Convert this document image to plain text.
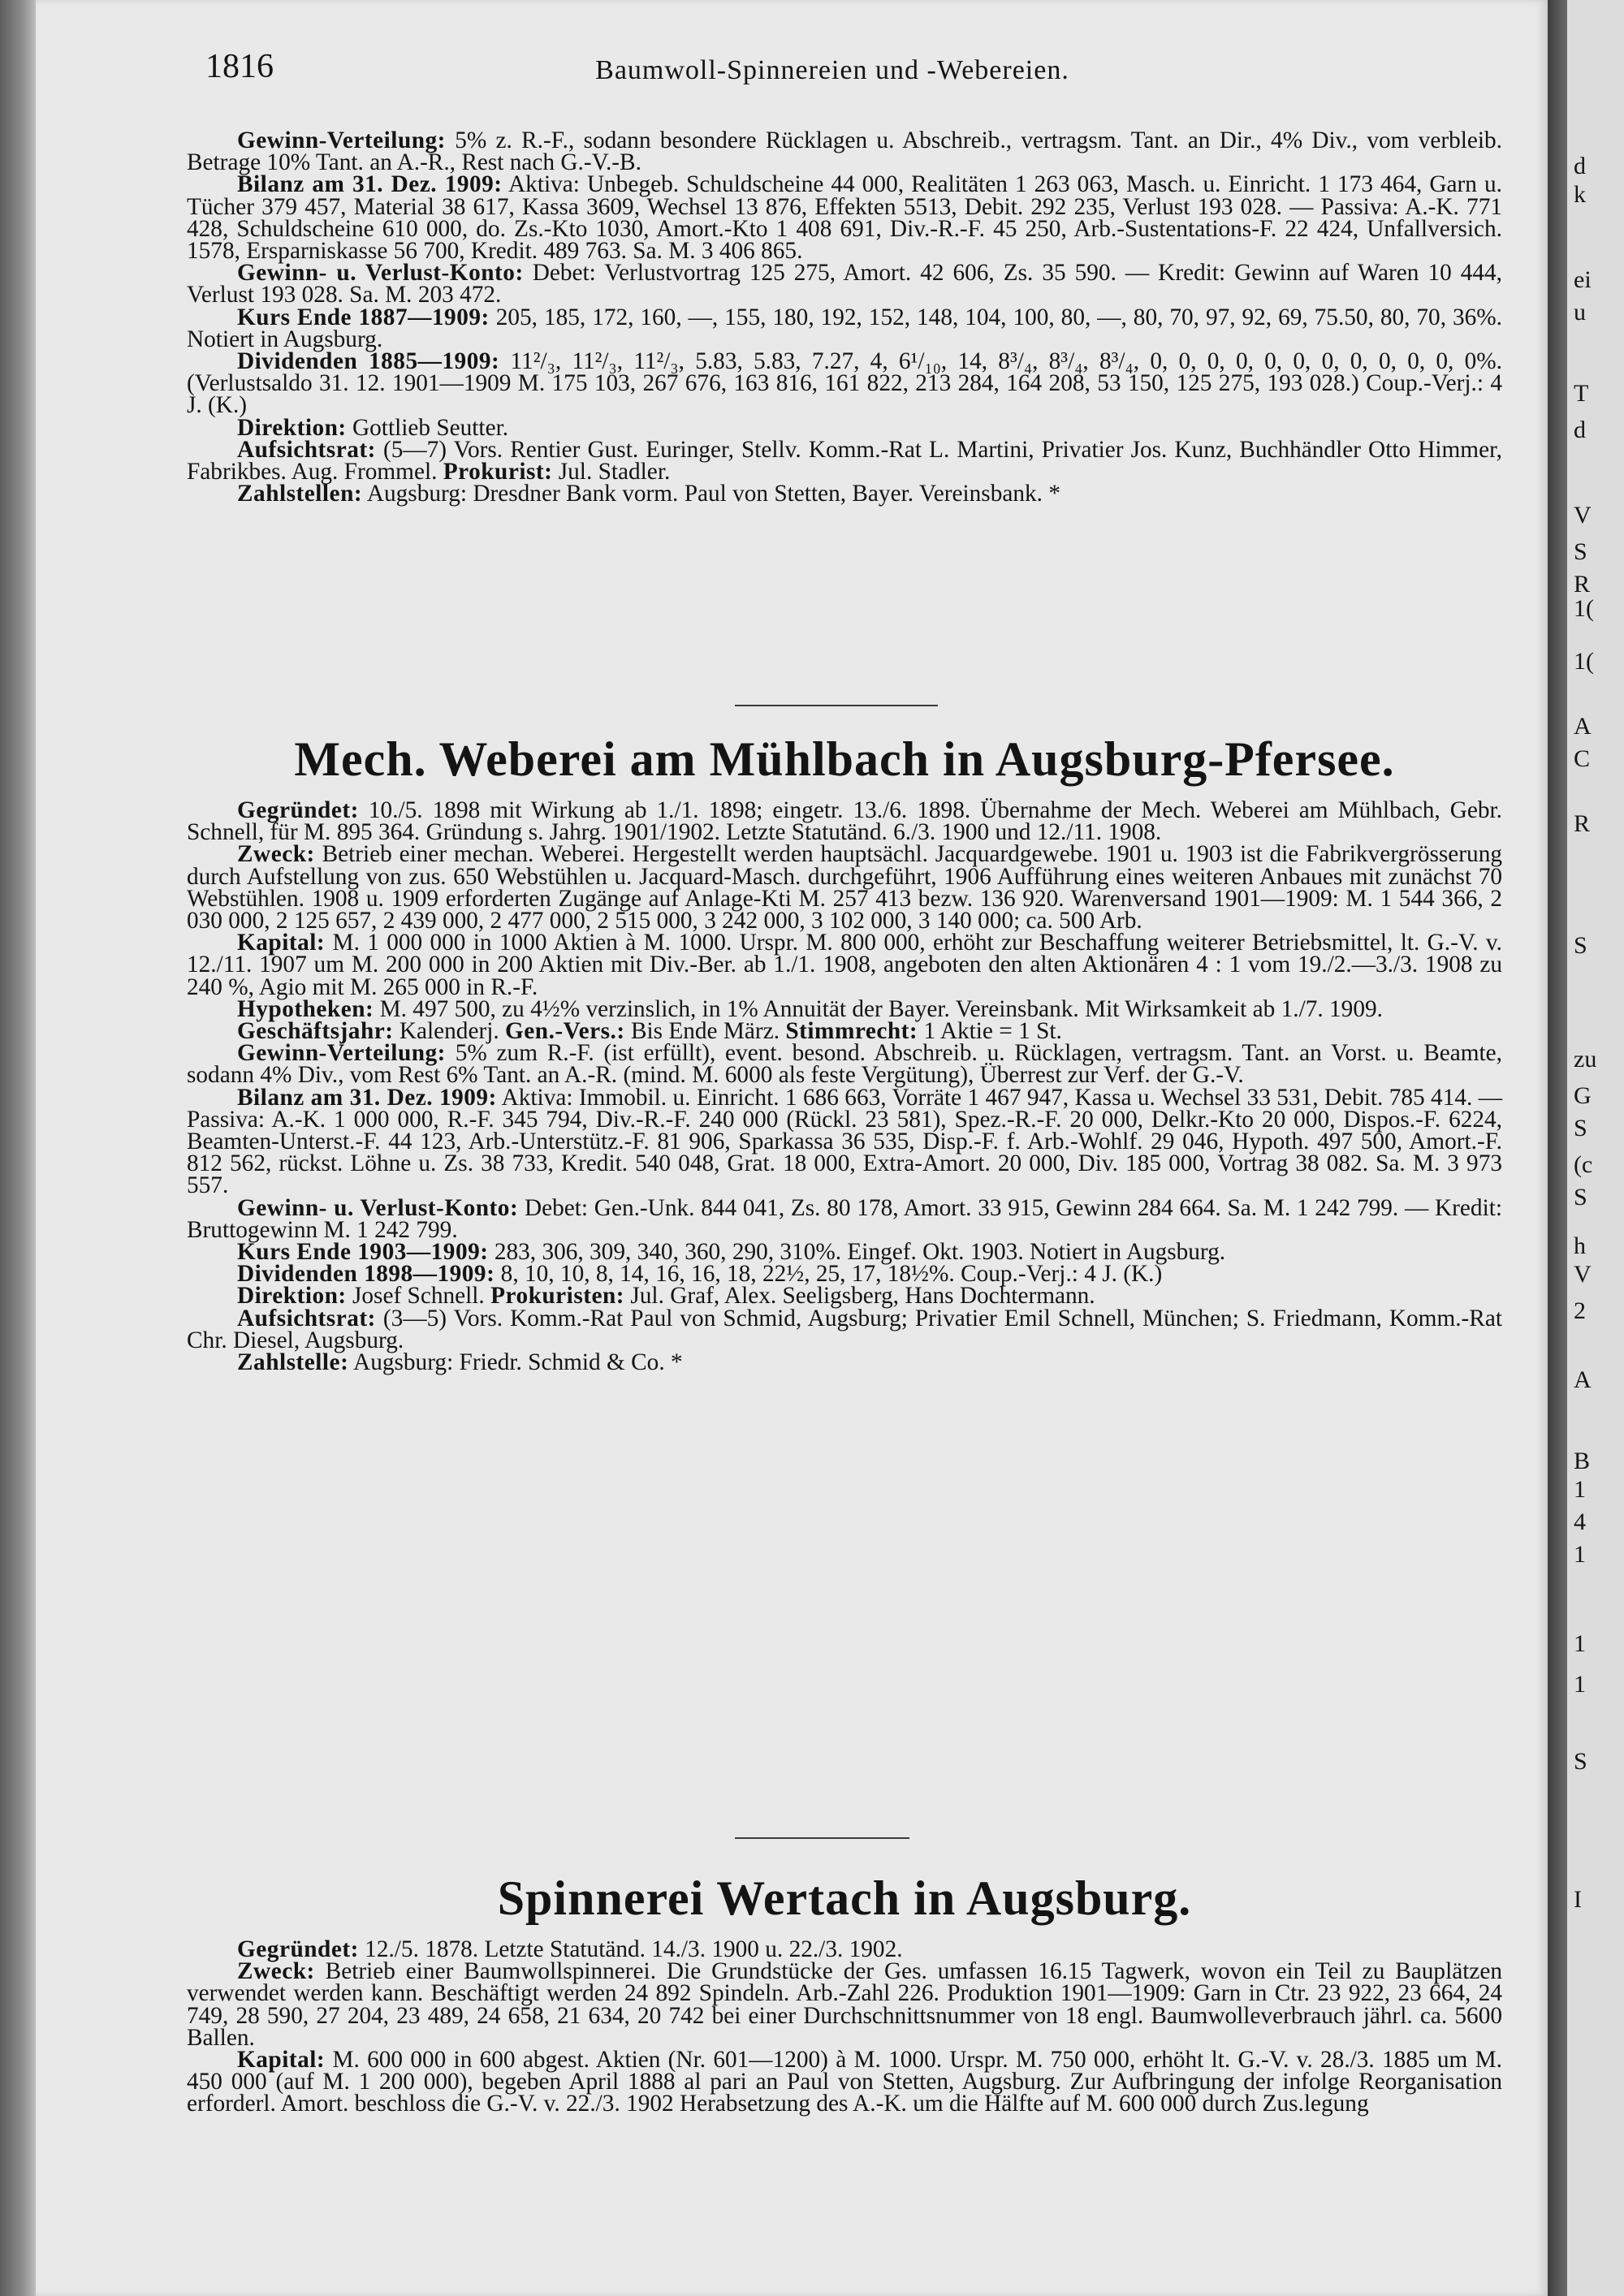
d
k
ei
u
T
d
V
S
R
1(
1(
A
C
R
S
zu
G
S
(c
S
h
V
2
A
B
1
4
1
1
1
S
I
1816	Baumwoll-Spinnereien und -Webereien.

Gewinn-Verteilung: 5% z. R.-F., sodann besondere Rücklagen u. Abschreib., vertragsm. Tant. an Dir., 4% Div., vom verbleib. Betrage 10% Tant. an A.-R., Rest nach G.-V.-B.

Bilanz am 31. Dez. 1909: Aktiva: Unbegeb. Schuldscheine 44 000, Realitäten 1 263 063, Masch. u. Einricht. 1 173 464, Garn u. Tücher 379 457, Material 38 617, Kassa 3609, Wechsel 13 876, Effekten 5513, Debit. 292 235, Verlust 193 028. — Passiva: A.-K. 771 428, Schuldscheine 610 000, do. Zs.-Kto 1030, Amort.-Kto 1 408 691, Div.-R.-F. 45 250, Arb.-Sustentations-F. 22 424, Unfallversich. 1578, Ersparniskasse 56 700, Kredit. 489 763. Sa. M. 3 406 865.

Gewinn- u. Verlust-Konto: Debet: Verlustvortrag 125 275, Amort. 42 606, Zs. 35 590. — Kredit: Gewinn auf Waren 10 444, Verlust 193 028. Sa. M. 203 472.

Kurs Ende 1887—1909: 205, 185, 172, 160, —, 155, 180, 192, 152, 148, 104, 100, 80, —, 80, 70, 97, 92, 69, 75.50, 80, 70, 36%. Notiert in Augsburg.

Dividenden 1885—1909: 11²/₃, 11²/₃, 11²/₃, 5.83, 5.83, 7.27, 4, 6¹/₁₀, 14, 8³/₄, 8³/₄, 8³/₄, 0, 0, 0, 0, 0, 0, 0, 0, 0, 0, 0, 0%. (Verlustsaldo 31. 12. 1901—1909 M. 175 103, 267 676, 163 816, 161 822, 213 284, 164 208, 53 150, 125 275, 193 028.) Coup.-Verj.: 4 J. (K.)

Direktion: Gottlieb Seutter.

Aufsichtsrat: (5—7) Vors. Rentier Gust. Euringer, Stellv. Komm.-Rat L. Martini, Privatier Jos. Kunz, Buchhändler Otto Himmer, Fabrikbes. Aug. Frommel. Prokurist: Jul. Stadler.

Zahlstellen: Augsburg: Dresdner Bank vorm. Paul von Stetten, Bayer. Vereinsbank. *

Mech. Weberei am Mühlbach in Augsburg-Pfersee.

Gegründet: 10./5. 1898 mit Wirkung ab 1./1. 1898; eingetr. 13./6. 1898. Übernahme der Mech. Weberei am Mühlbach, Gebr. Schnell, für M. 895 364. Gründung s. Jahrg. 1901/1902. Letzte Statutänd. 6./3. 1900 und 12./11. 1908.

Zweck: Betrieb einer mechan. Weberei. Hergestellt werden hauptsächl. Jacquardgewebe. 1901 u. 1903 ist die Fabrikvergrösserung durch Aufstellung von zus. 650 Webstühlen u. Jacquard-Masch. durchgeführt, 1906 Aufführung eines weiteren Anbaues mit zunächst 70 Webstühlen. 1908 u. 1909 erforderten Zugänge auf Anlage-Kti M. 257 413 bezw. 136 920. Warenversand 1901—1909: M. 1 544 366, 2 030 000, 2 125 657, 2 439 000, 2 477 000, 2 515 000, 3 242 000, 3 102 000, 3 140 000; ca. 500 Arb.

Kapital: M. 1 000 000 in 1000 Aktien à M. 1000. Urspr. M. 800 000, erhöht zur Beschaffung weiterer Betriebsmittel, lt. G.-V. v. 12./11. 1907 um M. 200 000 in 200 Aktien mit Div.-Ber. ab 1./1. 1908, angeboten den alten Aktionären 4 : 1 vom 19./2.—3./3. 1908 zu 240 %, Agio mit M. 265 000 in R.-F.

Hypotheken: M. 497 500, zu 4½% verzinslich, in 1% Annuität der Bayer. Vereinsbank. Mit Wirksamkeit ab 1./7. 1909.

Geschäftsjahr: Kalenderj. Gen.-Vers.: Bis Ende März. Stimmrecht: 1 Aktie = 1 St.

Gewinn-Verteilung: 5% zum R.-F. (ist erfüllt), event. besond. Abschreib. u. Rücklagen, vertragsm. Tant. an Vorst. u. Beamte, sodann 4% Div., vom Rest 6% Tant. an A.-R. (mind. M. 6000 als feste Vergütung), Überrest zur Verf. der G.-V.

Bilanz am 31. Dez. 1909: Aktiva: Immobil. u. Einricht. 1 686 663, Vorräte 1 467 947, Kassa u. Wechsel 33 531, Debit. 785 414. — Passiva: A.-K. 1 000 000, R.-F. 345 794, Div.-R.-F. 240 000 (Rückl. 23 581), Spez.-R.-F. 20 000, Delkr.-Kto 20 000, Dispos.-F. 6224, Beamten-Unterst.-F. 44 123, Arb.-Unterstütz.-F. 81 906, Sparkassa 36 535, Disp.-F. f. Arb.-Wohlf. 29 046, Hypoth. 497 500, Amort.-F. 812 562, rückst. Löhne u. Zs. 38 733, Kredit. 540 048, Grat. 18 000, Extra-Amort. 20 000, Div. 185 000, Vortrag 38 082. Sa. M. 3 973 557.

Gewinn- u. Verlust-Konto: Debet: Gen.-Unk. 844 041, Zs. 80 178, Amort. 33 915, Gewinn 284 664. Sa. M. 1 242 799. — Kredit: Bruttogewinn M. 1 242 799.

Kurs Ende 1903—1909: 283, 306, 309, 340, 360, 290, 310%. Eingef. Okt. 1903. Notiert in Augsburg.

Dividenden 1898—1909: 8, 10, 10, 8, 14, 16, 16, 18, 22½, 25, 17, 18½%. Coup.-Verj.: 4 J. (K.)

Direktion: Josef Schnell. Prokuristen: Jul. Graf, Alex. Seeligsberg, Hans Dochtermann.

Aufsichtsrat: (3—5) Vors. Komm.-Rat Paul von Schmid, Augsburg; Privatier Emil Schnell, München; S. Friedmann, Komm.-Rat Chr. Diesel, Augsburg.

Zahlstelle: Augsburg: Friedr. Schmid & Co. *

Spinnerei Wertach in Augsburg.

Gegründet: 12./5. 1878. Letzte Statutänd. 14./3. 1900 u. 22./3. 1902.

Zweck: Betrieb einer Baumwollspinnerei. Die Grundstücke der Ges. umfassen 16.15 Tagwerk, wovon ein Teil zu Bauplätzen verwendet werden kann. Beschäftigt werden 24 892 Spindeln. Arb.-Zahl 226. Produktion 1901—1909: Garn in Ctr. 23 922, 23 664, 24 749, 28 590, 27 204, 23 489, 24 658, 21 634, 20 742 bei einer Durchschnittsnummer von 18 engl. Baumwolleverbrauch jährl. ca. 5600 Ballen.

Kapital: M. 600 000 in 600 abgest. Aktien (Nr. 601—1200) à M. 1000. Urspr. M. 750 000, erhöht lt. G.-V. v. 28./3. 1885 um M. 450 000 (auf M. 1 200 000), begeben April 1888 al pari an Paul von Stetten, Augsburg. Zur Aufbringung der infolge Reorganisation erforderl. Amort. beschloss die G.-V. v. 22./3. 1902 Herabsetzung des A.-K. um die Hälfte auf M. 600 000 durch Zus.legung
